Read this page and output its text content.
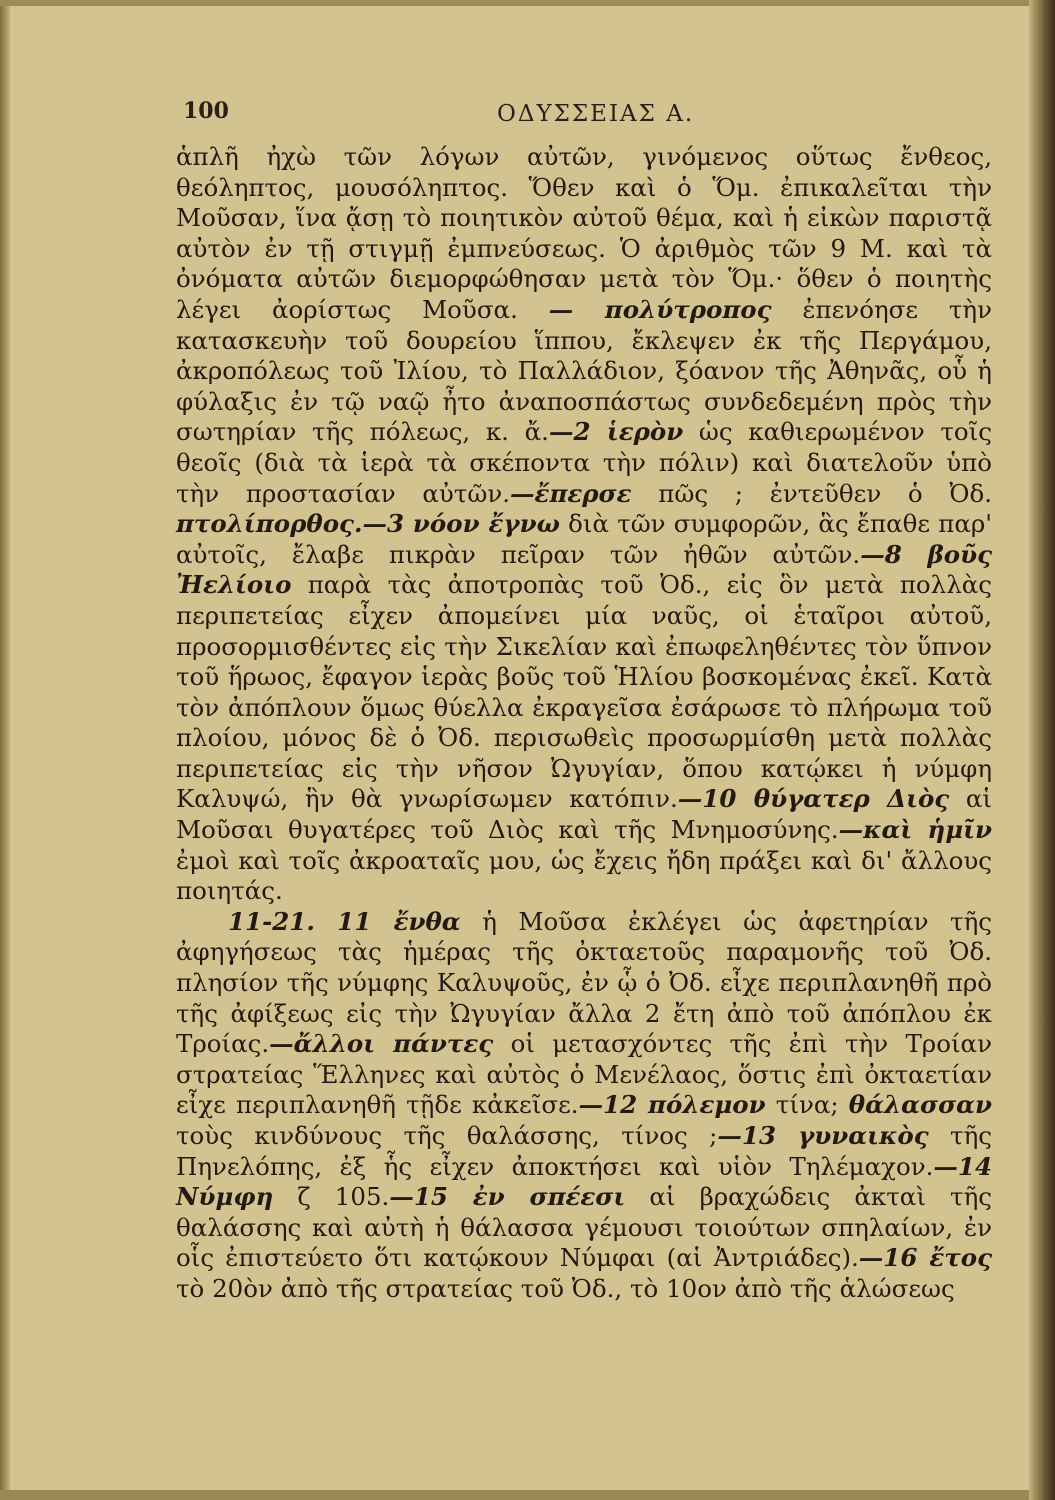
100	ΟΔΥΣΣΕΙΑΣ Α.

ἁπλῆ ἠχὼ τῶν λόγων αὐτῶν, γινόμενος οὕτως ἔνθεος, θεόληπτος, μουσόληπτος. Ὅθεν καὶ ὁ Ὅμ. ἐπικαλεῖται τὴν Μοῦσαν, ἵνα ᾄσῃ τὸ ποιητικὸν αὐτοῦ θέμα, καὶ ἡ εἰκὼν παριστᾷ αὐτὸν ἐν τῇ στιγμῇ ἐμπνεύσεως. Ὁ ἀριθμὸς τῶν 9 Μ. καὶ τὰ ὀνόματα αὐτῶν διεμορφώθησαν μετὰ τὸν Ὅμ.· ὅθεν ὁ ποιητὴς λέγει ἀορίστως Μοῦσα. — πολύτροπος ἐπενόησε τὴν κατασκευὴν τοῦ δουρείου ἵππου, ἔκλεψεν ἐκ τῆς Περγάμου, ἀκροπόλεως τοῦ Ἰλίου, τὸ Παλλάδιον, ξόανον τῆς Ἀθηνᾶς, οὗ ἡ φύλαξις ἐν τῷ ναῷ ἦτο ἀναποσπάστως συνδεδεμένη πρὸς τὴν σωτηρίαν τῆς πόλεως, κ. ἄ.—2 ἱερὸν ὡς καθιερωμένον τοῖς θεοῖς (διὰ τὰ ἱερὰ τὰ σκέποντα τὴν πόλιν) καὶ διατελοῦν ὑπὸ τὴν προστασίαν αὐτῶν.—ἔπερσε πῶς ; ἐντεῦθεν ὁ Ὀδ. πτολίπορθος.—3 νόον ἔγνω διὰ τῶν συμφορῶν, ἃς ἔπαθε παρ' αὐτοῖς, ἔλαβε πικρὰν πεῖραν τῶν ἠθῶν αὐτῶν.—8 βοῦς Ἠελίοιο παρὰ τὰς ἀποτροπὰς τοῦ Ὀδ., εἰς ὃν μετὰ πολλὰς περιπετείας εἶχεν ἀπομείνει μία ναῦς, οἱ ἑταῖροι αὐτοῦ, προσορμισθέντες εἰς τὴν Σικελίαν καὶ ἐπωφεληθέντες τὸν ὕπνον τοῦ ἥρωος, ἔφαγον ἱερὰς βοῦς τοῦ Ἡλίου βοσκομένας ἐκεῖ. Κατὰ τὸν ἀπόπλουν ὅμως θύελλα ἐκραγεῖσα ἐσάρωσε τὸ πλήρωμα τοῦ πλοίου, μόνος δὲ ὁ Ὀδ. περισωθεὶς προσωρμίσθη μετὰ πολλὰς περιπετείας εἰς τὴν νῆσον Ὠγυγίαν, ὅπου κατῴκει ἡ νύμφη Καλυψώ, ἣν θὰ γνωρίσωμεν κατόπιν.—10 θύγατερ Διὸς αἱ Μοῦσαι θυγατέρες τοῦ Διὸς καὶ τῆς Μνημοσύνης.—καὶ ἡμῖν ἐμοὶ καὶ τοῖς ἀκροαταῖς μου, ὡς ἔχεις ἤδη πράξει καὶ δι' ἄλλους ποιητάς.

11-21. 11 ἔνθα ἡ Μοῦσα ἐκλέγει ὡς ἀφετηρίαν τῆς ἀφηγήσεως τὰς ἡμέρας τῆς ὀκταετοῦς παραμονῆς τοῦ Ὀδ. πλησίον τῆς νύμφης Καλυψοῦς, ἐν ᾧ ὁ Ὀδ. εἶχε περιπλανηθῆ πρὸ τῆς ἀφίξεως εἰς τὴν Ὠγυγίαν ἄλλα 2 ἔτη ἀπὸ τοῦ ἀπόπλου ἐκ Τροίας.—ἄλλοι πάντες οἱ μετασχόντες τῆς ἐπὶ τὴν Τροίαν στρατείας Ἕλληνες καὶ αὐτὸς ὁ Μενέλαος, ὅστις ἐπὶ ὀκταετίαν εἶχε περιπλανηθῆ τῇδε κἀκεῖσε.—12 πόλεμον τίνα; θάλασσαν τοὺς κινδύνους τῆς θαλάσσης, τίνος ;—13 γυναικὸς τῆς Πηνελόπης, ἐξ ἧς εἶχεν ἀποκτήσει καὶ υἱὸν Τηλέμαχον.—14 Νύμφη ζ 105.—15 ἐν σπέεσι αἱ βραχώδεις ἀκταὶ τῆς θαλάσσης καὶ αὐτὴ ἡ θάλασσα γέμουσι τοιούτων σπηλαίων, ἐν οἷς ἐπιστεύετο ὅτι κατῴκουν Νύμφαι (αἱ Ἀντριάδες).—16 ἔτος τὸ 20ὸν ἀπὸ τῆς στρατείας τοῦ Ὀδ., τὸ 10ον ἀπὸ τῆς ἁλώσεως
